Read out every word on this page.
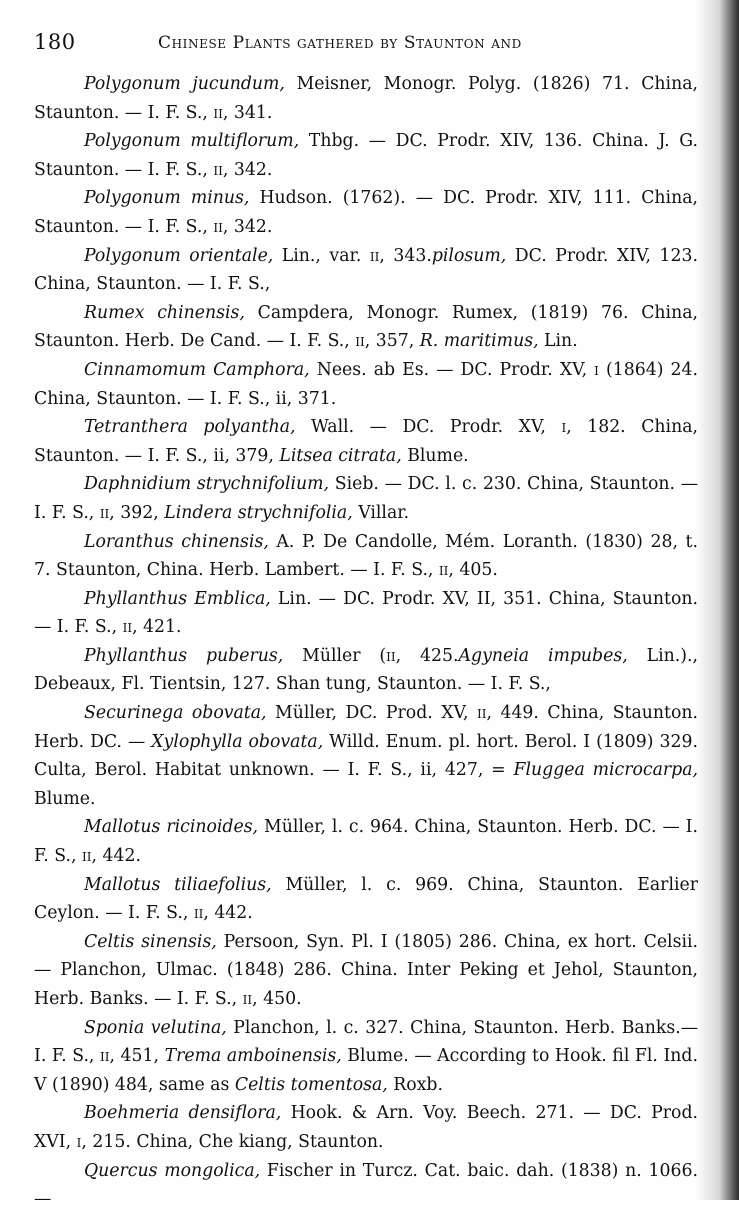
180	Chinese Plants gathered by Staunton and

Polygonum jucundum, Meisner, Monogr. Polyg. (1826) 71. China, Staunton. — I. F. S., ii, 341.

Polygonum multiflorum, Thbg. — DC. Prodr. XIV, 136. China. J. G. Staunton. — I. F. S., ii, 342.

Polygonum minus, Hudson. (1762). — DC. Prodr. XIV, 111. China, Staunton. — I. F. S., ii, 342.

Polygonum orientale, Lin., var. ii, 343.pilosum, DC. Prodr. XIV, 123. China, Staunton. — I. F. S.,

Rumex chinensis, Campdera, Monogr. Rumex, (1819) 76. China, Staunton. Herb. De Cand. — I. F. S., ii, 357, R. maritimus, Lin.

Cinnamomum Camphora, Nees. ab Es. — DC. Prodr. XV, i (1864) 24. China, Staunton. — I. F. S., ii, 371.

Tetranthera polyantha, Wall. — DC. Prodr. XV, i, 182. China, Staunton. — I. F. S., ii, 379, Litsea citrata, Blume.

Daphnidium strychnifolium, Sieb. — DC. l. c. 230. China, Staunton. — I. F. S., ii, 392, Lindera strychnifolia, Villar.

Loranthus chinensis, A. P. De Candolle, Mém. Loranth. (1830) 28, t. 7. Staunton, China. Herb. Lambert. — I. F. S., ii, 405.

Phyllanthus Emblica, Lin. — DC. Prodr. XV, II, 351. China, Staunton. — I. F. S., ii, 421.

Phyllanthus puberus, Müller (ii, 425.Agyneia impubes, Lin.)., Debeaux, Fl. Tientsin, 127. Shan tung, Staunton. — I. F. S.,

Securinega obovata, Müller, DC. Prod. XV, ii, 449. China, Staunton. Herb. DC. — Xylophylla obovata, Willd. Enum. pl. hort. Berol. I (1809) 329. Culta, Berol. Habitat unknown. — I. F. S., ii, 427, = Fluggea microcarpa, Blume.

Mallotus ricinoides, Müller, l. c. 964. China, Staunton. Herb. DC. — I. F. S., ii, 442.

Mallotus tiliaefolius, Müller, l. c. 969. China, Staunton. Earlier Ceylon. — I. F. S., ii, 442.

Celtis sinensis, Persoon, Syn. Pl. I (1805) 286. China, ex hort. Celsii. — Planchon, Ulmac. (1848) 286. China. Inter Peking et Jehol, Staunton, Herb. Banks. — I. F. S., ii, 450.

Sponia velutina, Planchon, l. c. 327. China, Staunton. Herb. Banks.— I. F. S., ii, 451, Trema amboinensis, Blume. — According to Hook. fil Fl. Ind. V (1890) 484, same as Celtis tomentosa, Roxb.

Boehmeria densiflora, Hook. & Arn. Voy. Beech. 271. — DC. Prod. XVI, i, 215. China, Che kiang, Staunton.

Quercus mongolica, Fischer in Turcz. Cat. baic. dah. (1838) n. 1066.—
